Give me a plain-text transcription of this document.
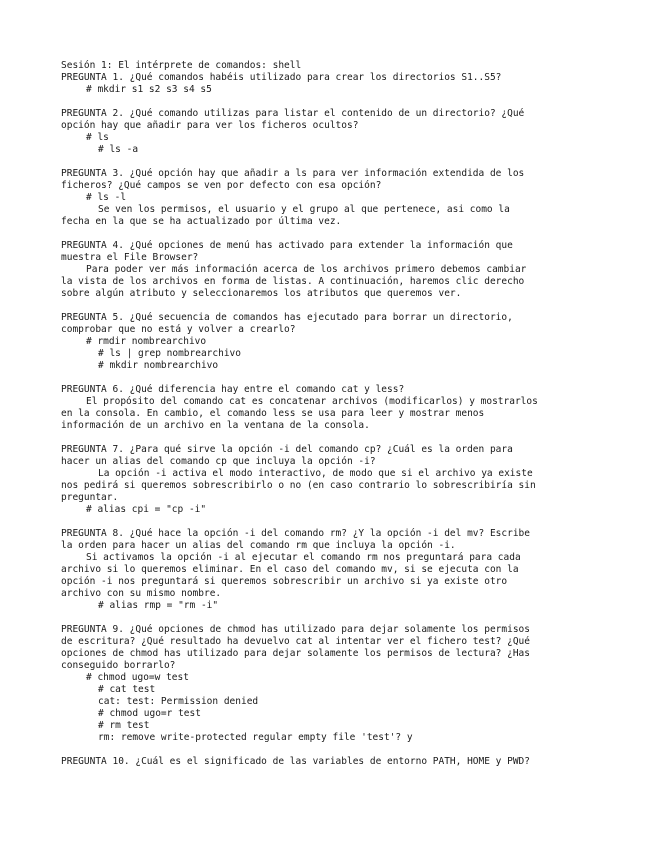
Sesión 1: El intérprete de comandos: shell
PREGUNTA 1. ¿Qué comandos habéis utilizado para crear los directorios S1..S5?
# mkdir s1 s2 s3 s4 s5
PREGUNTA 2. ¿Qué comando utilizas para listar el contenido de un directorio? ¿Qué
opción hay que añadir para ver los ficheros ocultos?
# ls
# ls -a
PREGUNTA 3. ¿Qué opción hay que añadir a ls para ver información extendida de los
ficheros? ¿Qué campos se ven por defecto con esa opción?
# ls -l
Se ven los permisos, el usuario y el grupo al que pertenece, asi como la
fecha en la que se ha actualizado por última vez.
PREGUNTA 4. ¿Qué opciones de menú has activado para extender la información que
muestra el File Browser?
Para poder ver más información acerca de los archivos primero debemos cambiar
la vista de los archivos en forma de listas. A continuación, haremos clic derecho
sobre algún atributo y seleccionaremos los atributos que queremos ver.
PREGUNTA 5. ¿Qué secuencia de comandos has ejecutado para borrar un directorio,
comprobar que no está y volver a crearlo?
# rmdir nombrearchivo
# ls | grep nombrearchivo
# mkdir nombrearchivo
PREGUNTA 6. ¿Qué diferencia hay entre el comando cat y less?
El propósito del comando cat es concatenar archivos (modificarlos) y mostrarlos
en la consola. En cambio, el comando less se usa para leer y mostrar menos
información de un archivo en la ventana de la consola.
PREGUNTA 7. ¿Para qué sirve la opción -i del comando cp? ¿Cuál es la orden para
hacer un alias del comando cp que incluya la opción -i?
La opción -i activa el modo interactivo, de modo que si el archivo ya existe
nos pedirá si queremos sobrescribirlo o no (en caso contrario lo sobrescribiría sin
preguntar.
# alias cpi = "cp -i"
PREGUNTA 8. ¿Qué hace la opción -i del comando rm? ¿Y la opción -i del mv? Escribe
la orden para hacer un alias del comando rm que incluya la opción -i.
Si activamos la opción -i al ejecutar el comando rm nos preguntará para cada
archivo si lo queremos eliminar. En el caso del comando mv, si se ejecuta con la
opción -i nos preguntará si queremos sobrescribir un archivo si ya existe otro
archivo con su mismo nombre.
# alias rmp = "rm -i"
PREGUNTA 9. ¿Qué opciones de chmod has utilizado para dejar solamente los permisos
de escritura? ¿Qué resultado ha devuelvo cat al intentar ver el fichero test? ¿Qué
opciones de chmod has utilizado para dejar solamente los permisos de lectura? ¿Has
conseguido borrarlo?
# chmod ugo=w test
# cat test
cat: test: Permission denied
# chmod ugo=r test
# rm test
rm: remove write-protected regular empty file 'test'? y
PREGUNTA 10. ¿Cuál es el significado de las variables de entorno PATH, HOME y PWD?
